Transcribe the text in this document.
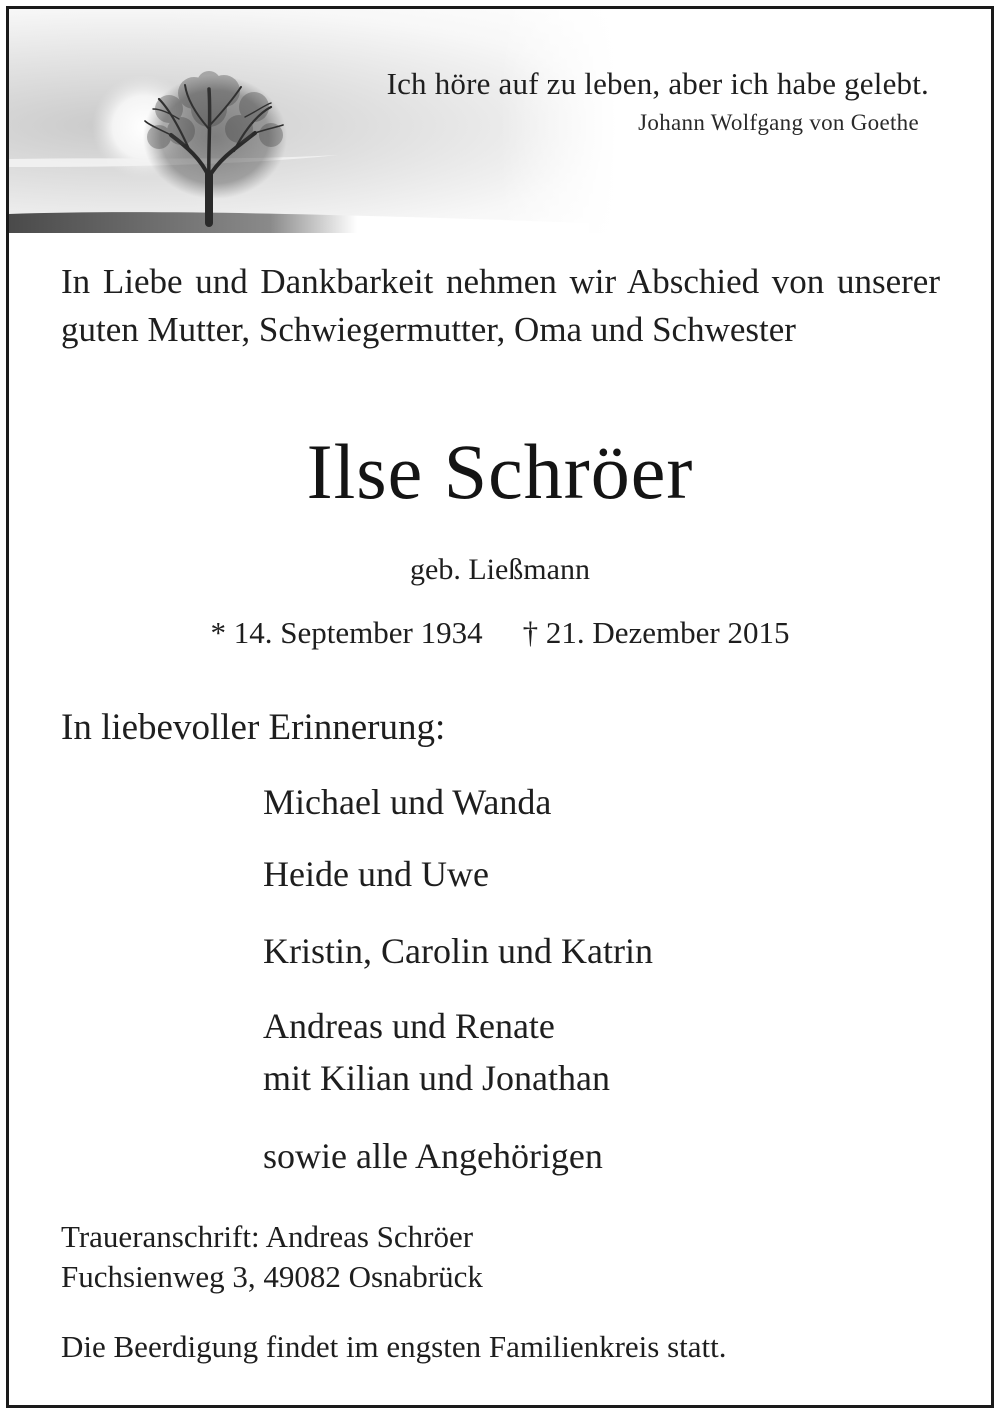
Ich höre auf zu leben, aber ich habe gelebt.
Johann Wolfgang von Goethe
In Liebe und Dankbarkeit nehmen wir Abschied von unserer guten Mutter, Schwiegermutter, Oma und Schwester
Ilse Schröer
geb. Ließmann
* 14. September 1934 † 21. Dezember 2015
In liebevoller Erinnerung:
Michael und Wanda
Heide und Uwe
Kristin, Carolin und Katrin
Andreas und Renate
mit Kilian und Jonathan
sowie alle Angehörigen
Traueranschrift: Andreas Schröer
Fuchsienweg 3, 49082 Osnabrück
Die Beerdigung findet im engsten Familienkreis statt.
